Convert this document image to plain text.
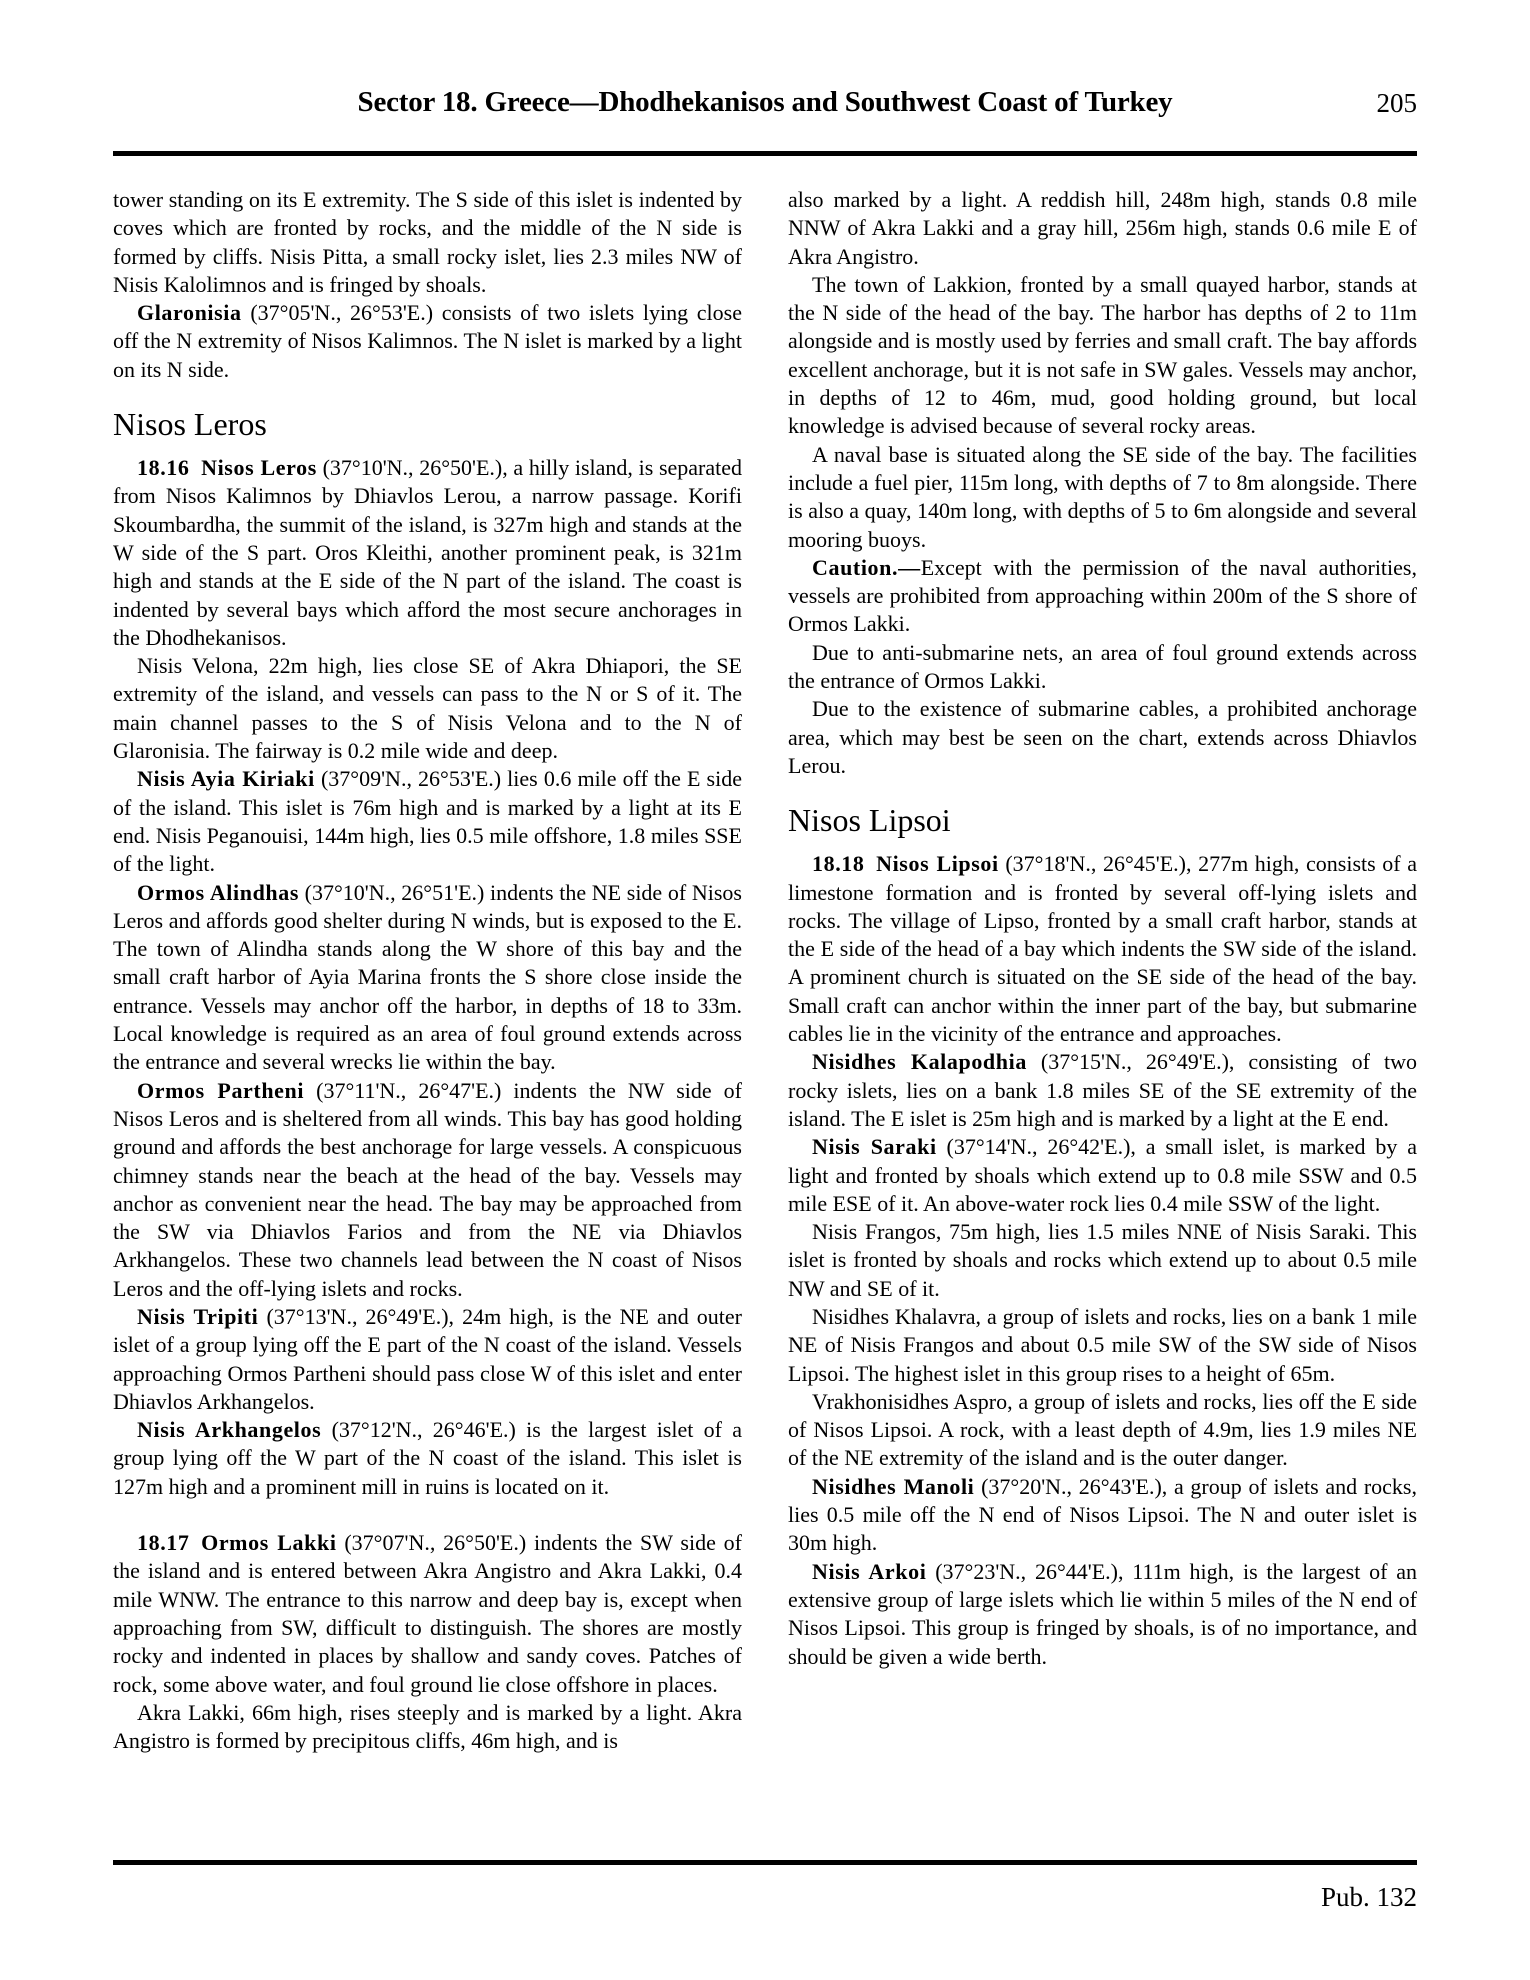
Sector 18. Greece—Dhodhekanisos and Southwest Coast of Turkey	205

tower standing on its E extremity. The S side of this islet is indented by coves which are fronted by rocks, and the middle of the N side is formed by cliffs. Nisis Pitta, a small rocky islet, lies 2.3 miles NW of Nisis Kalolimnos and is fringed by shoals.

Glaronisia (37°05'N., 26°53'E.) consists of two islets lying close off the N extremity of Nisos Kalimnos. The N islet is marked by a light on its N side.

Nisos Leros

18.16 Nisos Leros (37°10'N., 26°50'E.), a hilly island, is separated from Nisos Kalimnos by Dhiavlos Lerou, a narrow passage. Korifi Skoumbardha, the summit of the island, is 327m high and stands at the W side of the S part. Oros Kleithi, another prominent peak, is 321m high and stands at the E side of the N part of the island. The coast is indented by several bays which afford the most secure anchorages in the Dhodhekanisos.

Nisis Velona, 22m high, lies close SE of Akra Dhiapori, the SE extremity of the island, and vessels can pass to the N or S of it. The main channel passes to the S of Nisis Velona and to the N of Glaronisia. The fairway is 0.2 mile wide and deep.

Nisis Ayia Kiriaki (37°09'N., 26°53'E.) lies 0.6 mile off the E side of the island. This islet is 76m high and is marked by a light at its E end. Nisis Peganouisi, 144m high, lies 0.5 mile offshore, 1.8 miles SSE of the light.

Ormos Alindhas (37°10'N., 26°51'E.) indents the NE side of Nisos Leros and affords good shelter during N winds, but is exposed to the E. The town of Alindha stands along the W shore of this bay and the small craft harbor of Ayia Marina fronts the S shore close inside the entrance. Vessels may anchor off the harbor, in depths of 18 to 33m. Local knowledge is required as an area of foul ground extends across the entrance and several wrecks lie within the bay.

Ormos Partheni (37°11'N., 26°47'E.) indents the NW side of Nisos Leros and is sheltered from all winds. This bay has good holding ground and affords the best anchorage for large vessels. A conspicuous chimney stands near the beach at the head of the bay. Vessels may anchor as convenient near the head. The bay may be approached from the SW via Dhiavlos Farios and from the NE via Dhiavlos Arkhangelos. These two channels lead between the N coast of Nisos Leros and the off-lying islets and rocks.

Nisis Tripiti (37°13'N., 26°49'E.), 24m high, is the NE and outer islet of a group lying off the E part of the N coast of the island. Vessels approaching Ormos Partheni should pass close W of this islet and enter Dhiavlos Arkhangelos.

Nisis Arkhangelos (37°12'N., 26°46'E.) is the largest islet of a group lying off the W part of the N coast of the island. This islet is 127m high and a prominent mill in ruins is located on it.

18.17 Ormos Lakki (37°07'N., 26°50'E.) indents the SW side of the island and is entered between Akra Angistro and Akra Lakki, 0.4 mile WNW. The entrance to this narrow and deep bay is, except when approaching from SW, difficult to distinguish. The shores are mostly rocky and indented in places by shallow and sandy coves. Patches of rock, some above water, and foul ground lie close offshore in places.

Akra Lakki, 66m high, rises steeply and is marked by a light. Akra Angistro is formed by precipitous cliffs, 46m high, and is

also marked by a light. A reddish hill, 248m high, stands 0.8 mile NNW of Akra Lakki and a gray hill, 256m high, stands 0.6 mile E of Akra Angistro.

The town of Lakkion, fronted by a small quayed harbor, stands at the N side of the head of the bay. The harbor has depths of 2 to 11m alongside and is mostly used by ferries and small craft. The bay affords excellent anchorage, but it is not safe in SW gales. Vessels may anchor, in depths of 12 to 46m, mud, good holding ground, but local knowledge is advised because of several rocky areas.

A naval base is situated along the SE side of the bay. The facilities include a fuel pier, 115m long, with depths of 7 to 8m alongside. There is also a quay, 140m long, with depths of 5 to 6m alongside and several mooring buoys.

Caution.—Except with the permission of the naval authorities, vessels are prohibited from approaching within 200m of the S shore of Ormos Lakki.

Due to anti-submarine nets, an area of foul ground extends across the entrance of Ormos Lakki.

Due to the existence of submarine cables, a prohibited anchorage area, which may best be seen on the chart, extends across Dhiavlos Lerou.

Nisos Lipsoi

18.18 Nisos Lipsoi (37°18'N., 26°45'E.), 277m high, consists of a limestone formation and is fronted by several off-lying islets and rocks. The village of Lipso, fronted by a small craft harbor, stands at the E side of the head of a bay which indents the SW side of the island. A prominent church is situated on the SE side of the head of the bay. Small craft can anchor within the inner part of the bay, but submarine cables lie in the vicinity of the entrance and approaches.

Nisidhes Kalapodhia (37°15'N., 26°49'E.), consisting of two rocky islets, lies on a bank 1.8 miles SE of the SE extremity of the island. The E islet is 25m high and is marked by a light at the E end.

Nisis Saraki (37°14'N., 26°42'E.), a small islet, is marked by a light and fronted by shoals which extend up to 0.8 mile SSW and 0.5 mile ESE of it. An above-water rock lies 0.4 mile SSW of the light.

Nisis Frangos, 75m high, lies 1.5 miles NNE of Nisis Saraki. This islet is fronted by shoals and rocks which extend up to about 0.5 mile NW and SE of it.

Nisidhes Khalavra, a group of islets and rocks, lies on a bank 1 mile NE of Nisis Frangos and about 0.5 mile SW of the SW side of Nisos Lipsoi. The highest islet in this group rises to a height of 65m.

Vrakhonisidhes Aspro, a group of islets and rocks, lies off the E side of Nisos Lipsoi. A rock, with a least depth of 4.9m, lies 1.9 miles NE of the NE extremity of the island and is the outer danger.

Nisidhes Manoli (37°20'N., 26°43'E.), a group of islets and rocks, lies 0.5 mile off the N end of Nisos Lipsoi. The N and outer islet is 30m high.

Nisis Arkoi (37°23'N., 26°44'E.), 111m high, is the largest of an extensive group of large islets which lie within 5 miles of the N end of Nisos Lipsoi. This group is fringed by shoals, is of no importance, and should be given a wide berth.

Pub. 132
